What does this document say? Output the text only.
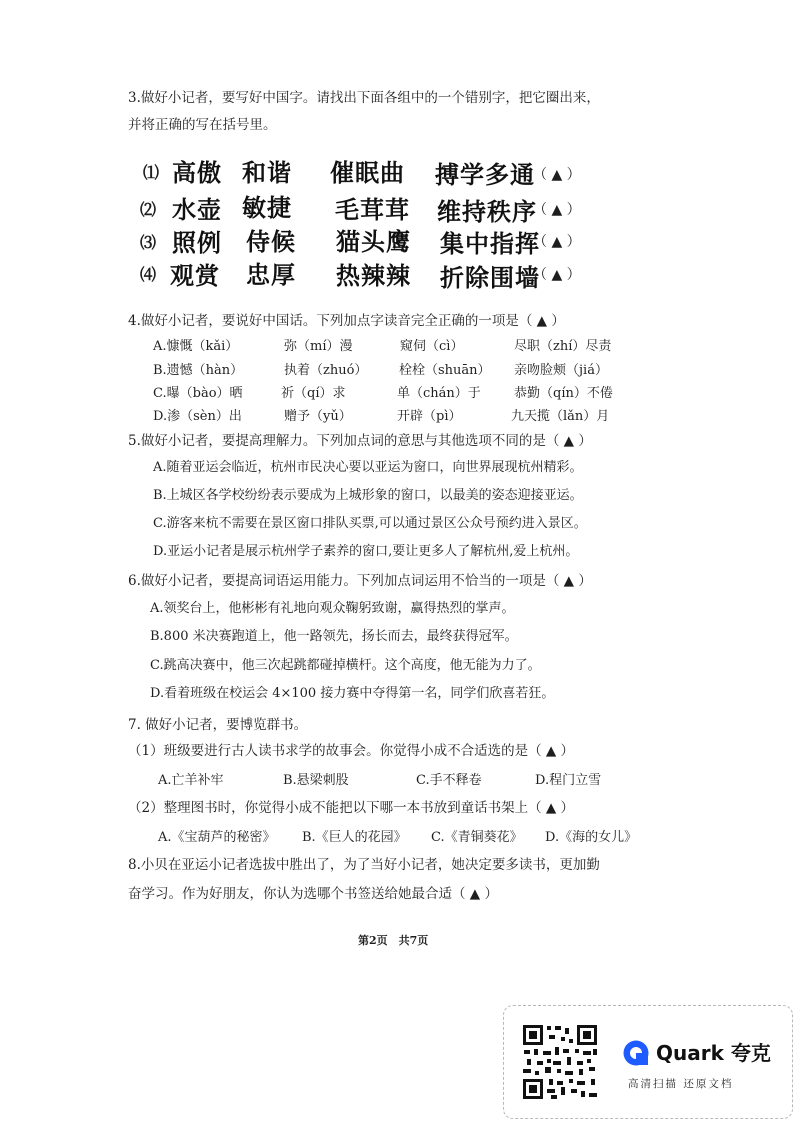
3.做好小记者，要写好中国字。请找出下面各组中的一个错别字，把它圈出来，
并将正确的写在括号里。
⑴ 高傲 和谐 催眠曲 搏学多通
（ ▲ ）
⑵ 水壶 敏捷 毛茸茸 维持秩序
（ ▲ ）
⑶ 照例 侍候 猫头鹰 集中指挥
（ ▲ ）
⑷ 观赏 忠厚 热辣辣 折除围墙
（ ▲ ）
4.做好小记者，要说好中国话。下列加点字读音完全正确的一项是（ ▲ ）
A.慷慨（kǎi）	弥（mí）漫	窥伺（cì）	尽职（zhí）尽责
B.遗憾（hàn）	执着（zhuó） 栓栓（shuān） 亲吻脸颊（jiá）
C.曝（bào）晒	祈（qí）求	单（chán）于	恭勤（qín）不倦
D.渗（sèn）出	赠予（yǔ）	开辟（pì）	九天揽（lǎn）月
5.做好小记者，要提高理解力。下列加点词的意思与其他选项不同的是（ ▲ ）
A.随着亚运会临近，杭州市民决心要以亚运为窗口，向世界展现杭州精彩。
B.上城区各学校纷纷表示要成为上城形象的窗口，以最美的姿态迎接亚运。
C.游客来杭不需要在景区窗口排队买票,可以通过景区公众号预约进入景区。
D.亚运小记者是展示杭州学子素养的窗口,要让更多人了解杭州,爱上杭州。
6.做好小记者，要提高词语运用能力。下列加点词运用不恰当的一项是（ ▲ ）
A.领奖台上，他彬彬有礼地向观众鞠躬致谢，赢得热烈的掌声。
B.800 米决赛跑道上，他一路领先，扬长而去，最终获得冠军。
C.跳高决赛中，他三次起跳都碰掉横杆。这个高度，他无能为力了。
D.看着班级在校运会 4×100 接力赛中夺得第一名，同学们欣喜若狂。
7. 做好小记者，要博览群书。
（1）班级要进行古人读书求学的故事会。你觉得小成不合适选的是（ ▲ ）
A.亡羊补牢	B.悬梁刺股	C.手不释卷	D.程门立雪
（2）整理图书时，你觉得小成不能把以下哪一本书放到童话书架上（ ▲ ）
A.《宝葫芦的秘密》 B.《巨人的花园》 C.《青铜葵花》 D.《海的女儿》
8.小贝在亚运小记者选拔中胜出了，为了当好小记者，她决定要多读书，更加勤
奋学习。作为好朋友，你认为选哪个书签送给她最合适（ ▲ ）
第2页　共7页
Quark 夸克
高清扫描 还原文档
